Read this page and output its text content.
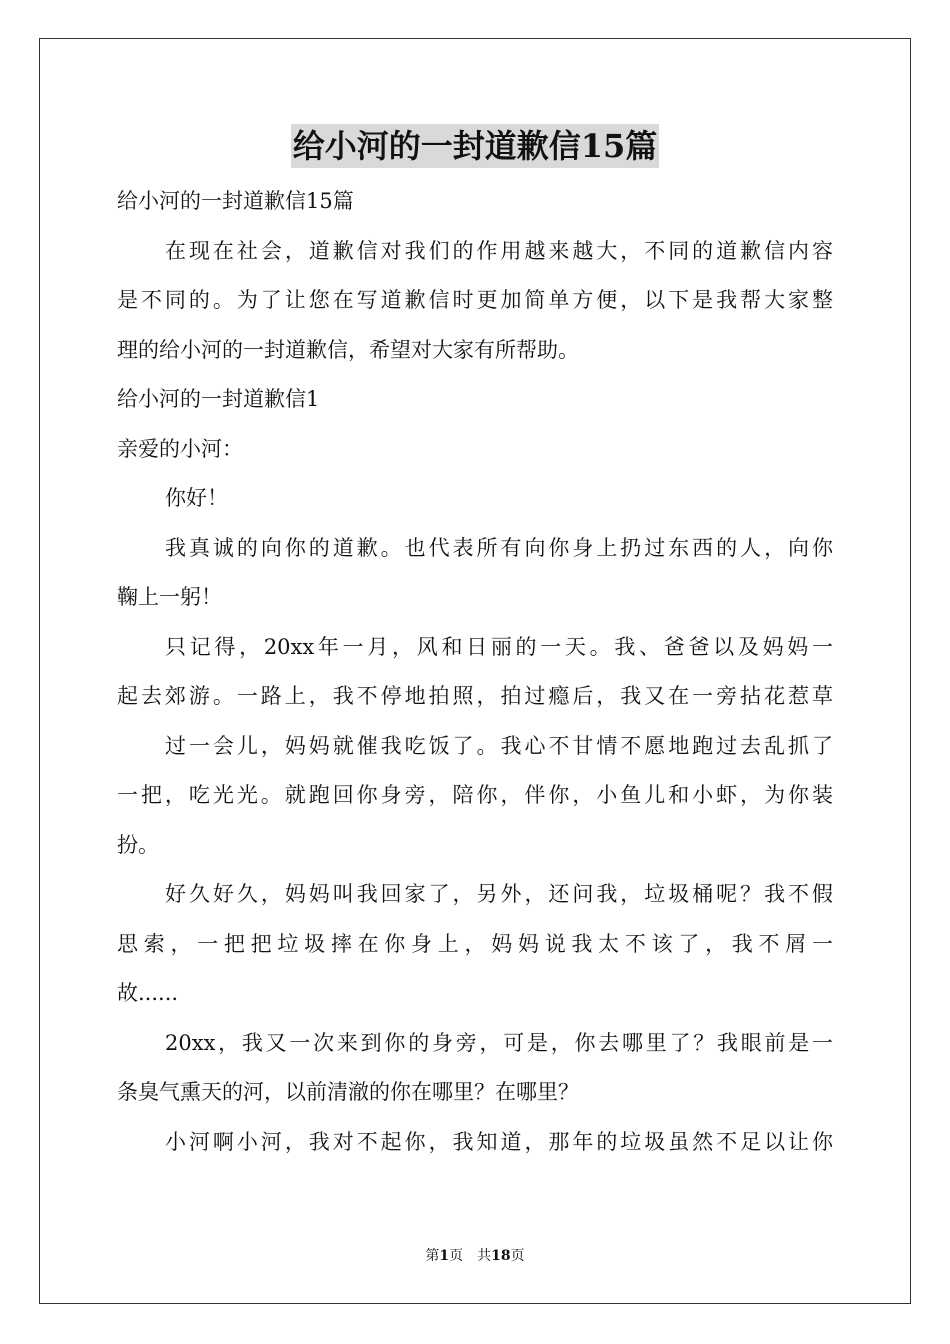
给小河的一封道歉信15篇
给小河的一封道歉信15篇
在现在社会，道歉信对我们的作用越来越大，不同的道歉信内容
是不同的。为了让您在写道歉信时更加简单方便，以下是我帮大家整
理的给小河的一封道歉信，希望对大家有所帮助。
给小河的一封道歉信1
亲爱的小河：
你好！
我真诚的向你的道歉。也代表所有向你身上扔过东西的人，向你
鞠上一躬！
只记得，20xx年一月，风和日丽的一天。我、爸爸以及妈妈一
起去郊游。一路上，我不停地拍照，拍过瘾后，我又在一旁拈花惹草
过一会儿，妈妈就催我吃饭了。我心不甘情不愿地跑过去乱抓了
一把，吃光光。就跑回你身旁，陪你，伴你，小鱼儿和小虾，为你装
扮。
好久好久，妈妈叫我回家了，另外，还问我，垃圾桶呢？我不假
思索，一把把垃圾摔在你身上，妈妈说我太不该了，我不屑一
故......
20xx，我又一次来到你的身旁，可是，你去哪里了？我眼前是一
条臭气熏天的河，以前清澈的你在哪里？在哪里？
小河啊小河，我对不起你，我知道，那年的垃圾虽然不足以让你
第1页 共18页
